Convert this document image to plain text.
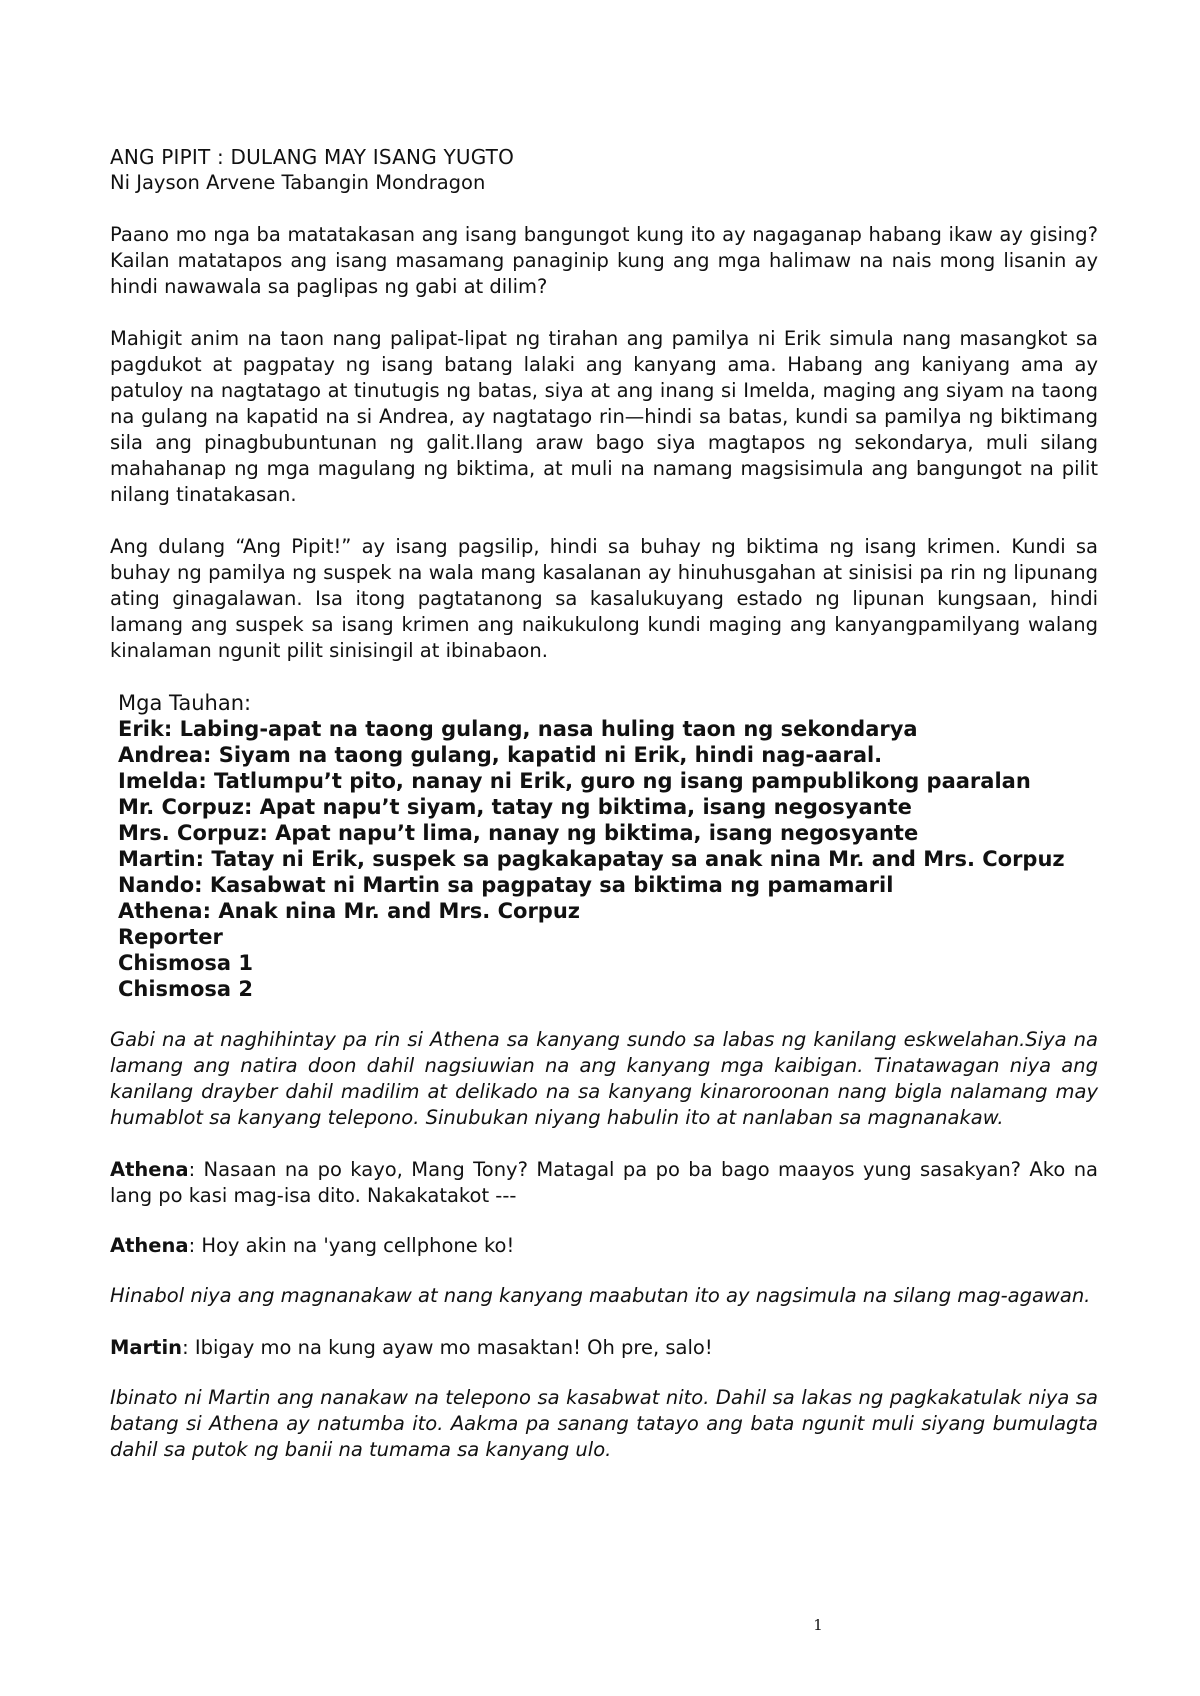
ANG PIPIT : DULANG MAY ISANG YUGTO
Ni Jayson Arvene Tabangin Mondragon

Paano mo nga ba matatakasan ang isang bangungot kung ito ay nagaganap habang ikaw ay gising? Kailan matatapos ang isang masamang panaginip kung ang mga halimaw na nais mong lisanin ay hindi nawawala sa paglipas ng gabi at dilim?

Mahigit anim na taon nang palipat-lipat ng tirahan ang pamilya ni Erik simula nang masangkot sa pagdukot at pagpatay ng isang batang lalaki ang kanyang ama. Habang ang kaniyang ama ay patuloy na nagtatago at tinutugis ng batas, siya at ang inang si Imelda, maging ang siyam na taong na gulang na kapatid na si Andrea, ay nagtatago rin—hindi sa batas, kundi sa pamilya ng biktimang sila ang pinagbubuntunan ng galit.Ilang araw bago siya magtapos ng sekondarya, muli silang mahahanap ng mga magulang ng biktima, at muli na namang magsisimula ang bangungot na pilit nilang tinatakasan.

Ang dulang “Ang Pipit!” ay isang pagsilip, hindi sa buhay ng biktima ng isang krimen. Kundi sa buhay ng pamilya ng suspek na wala mang kasalanan ay hinuhusgahan at sinisisi pa rin ng lipunang ating ginagalawan. Isa itong pagtatanong sa kasalukuyang estado ng lipunan kungsaan, hindi lamang ang suspek sa isang krimen ang naikukulong kundi maging ang kanyangpamilyang walang kinalaman ngunit pilit sinisingil at ibinabaon.

Mga Tauhan:
Erik: Labing-apat na taong gulang, nasa huling taon ng sekondarya
Andrea: Siyam na taong gulang, kapatid ni Erik, hindi nag-aaral.
Imelda: Tatlumpu’t pito, nanay ni Erik, guro ng isang pampublikong paaralan
Mr. Corpuz: Apat napu’t siyam, tatay ng biktima, isang negosyante
Mrs. Corpuz: Apat napu’t lima, nanay ng biktima, isang negosyante
Martin: Tatay ni Erik, suspek sa pagkakapatay sa anak nina Mr. and Mrs. Corpuz
Nando: Kasabwat ni Martin sa pagpatay sa biktima ng pamamaril
Athena: Anak nina Mr. and Mrs. Corpuz
Reporter
Chismosa 1
Chismosa 2
Gabi na at naghihintay pa rin si Athena sa kanyang sundo sa labas ng kanilang eskwelahan.Siya na lamang ang natira doon dahil nagsiuwian na ang kanyang mga kaibigan. Tinatawagan niya ang kanilang drayber dahil madilim at delikado na sa kanyang kinaroroonan nang bigla nalamang may humablot sa kanyang telepono. Sinubukan niyang habulin ito at nanlaban sa magnanakaw.
Athena: Nasaan na po kayo, Mang Tony? Matagal pa po ba bago maayos yung sasakyan? Ako na lang po kasi mag-isa dito. Nakakatakot ---
Athena: Hoy akin na 'yang cellphone ko!
Hinabol niya ang magnanakaw at nang kanyang maabutan ito ay nagsimula na silang mag-agawan.
Martin: Ibigay mo na kung ayaw mo masaktan! Oh pre, salo!
Ibinato ni Martin ang nanakaw na telepono sa kasabwat nito. Dahil sa lakas ng pagkakatulak niya sa batang si Athena ay natumba ito. Aakma pa sanang tatayo ang bata ngunit muli siyang bumulagta dahil sa putok ng banii na tumama sa kanyang ulo.
1
